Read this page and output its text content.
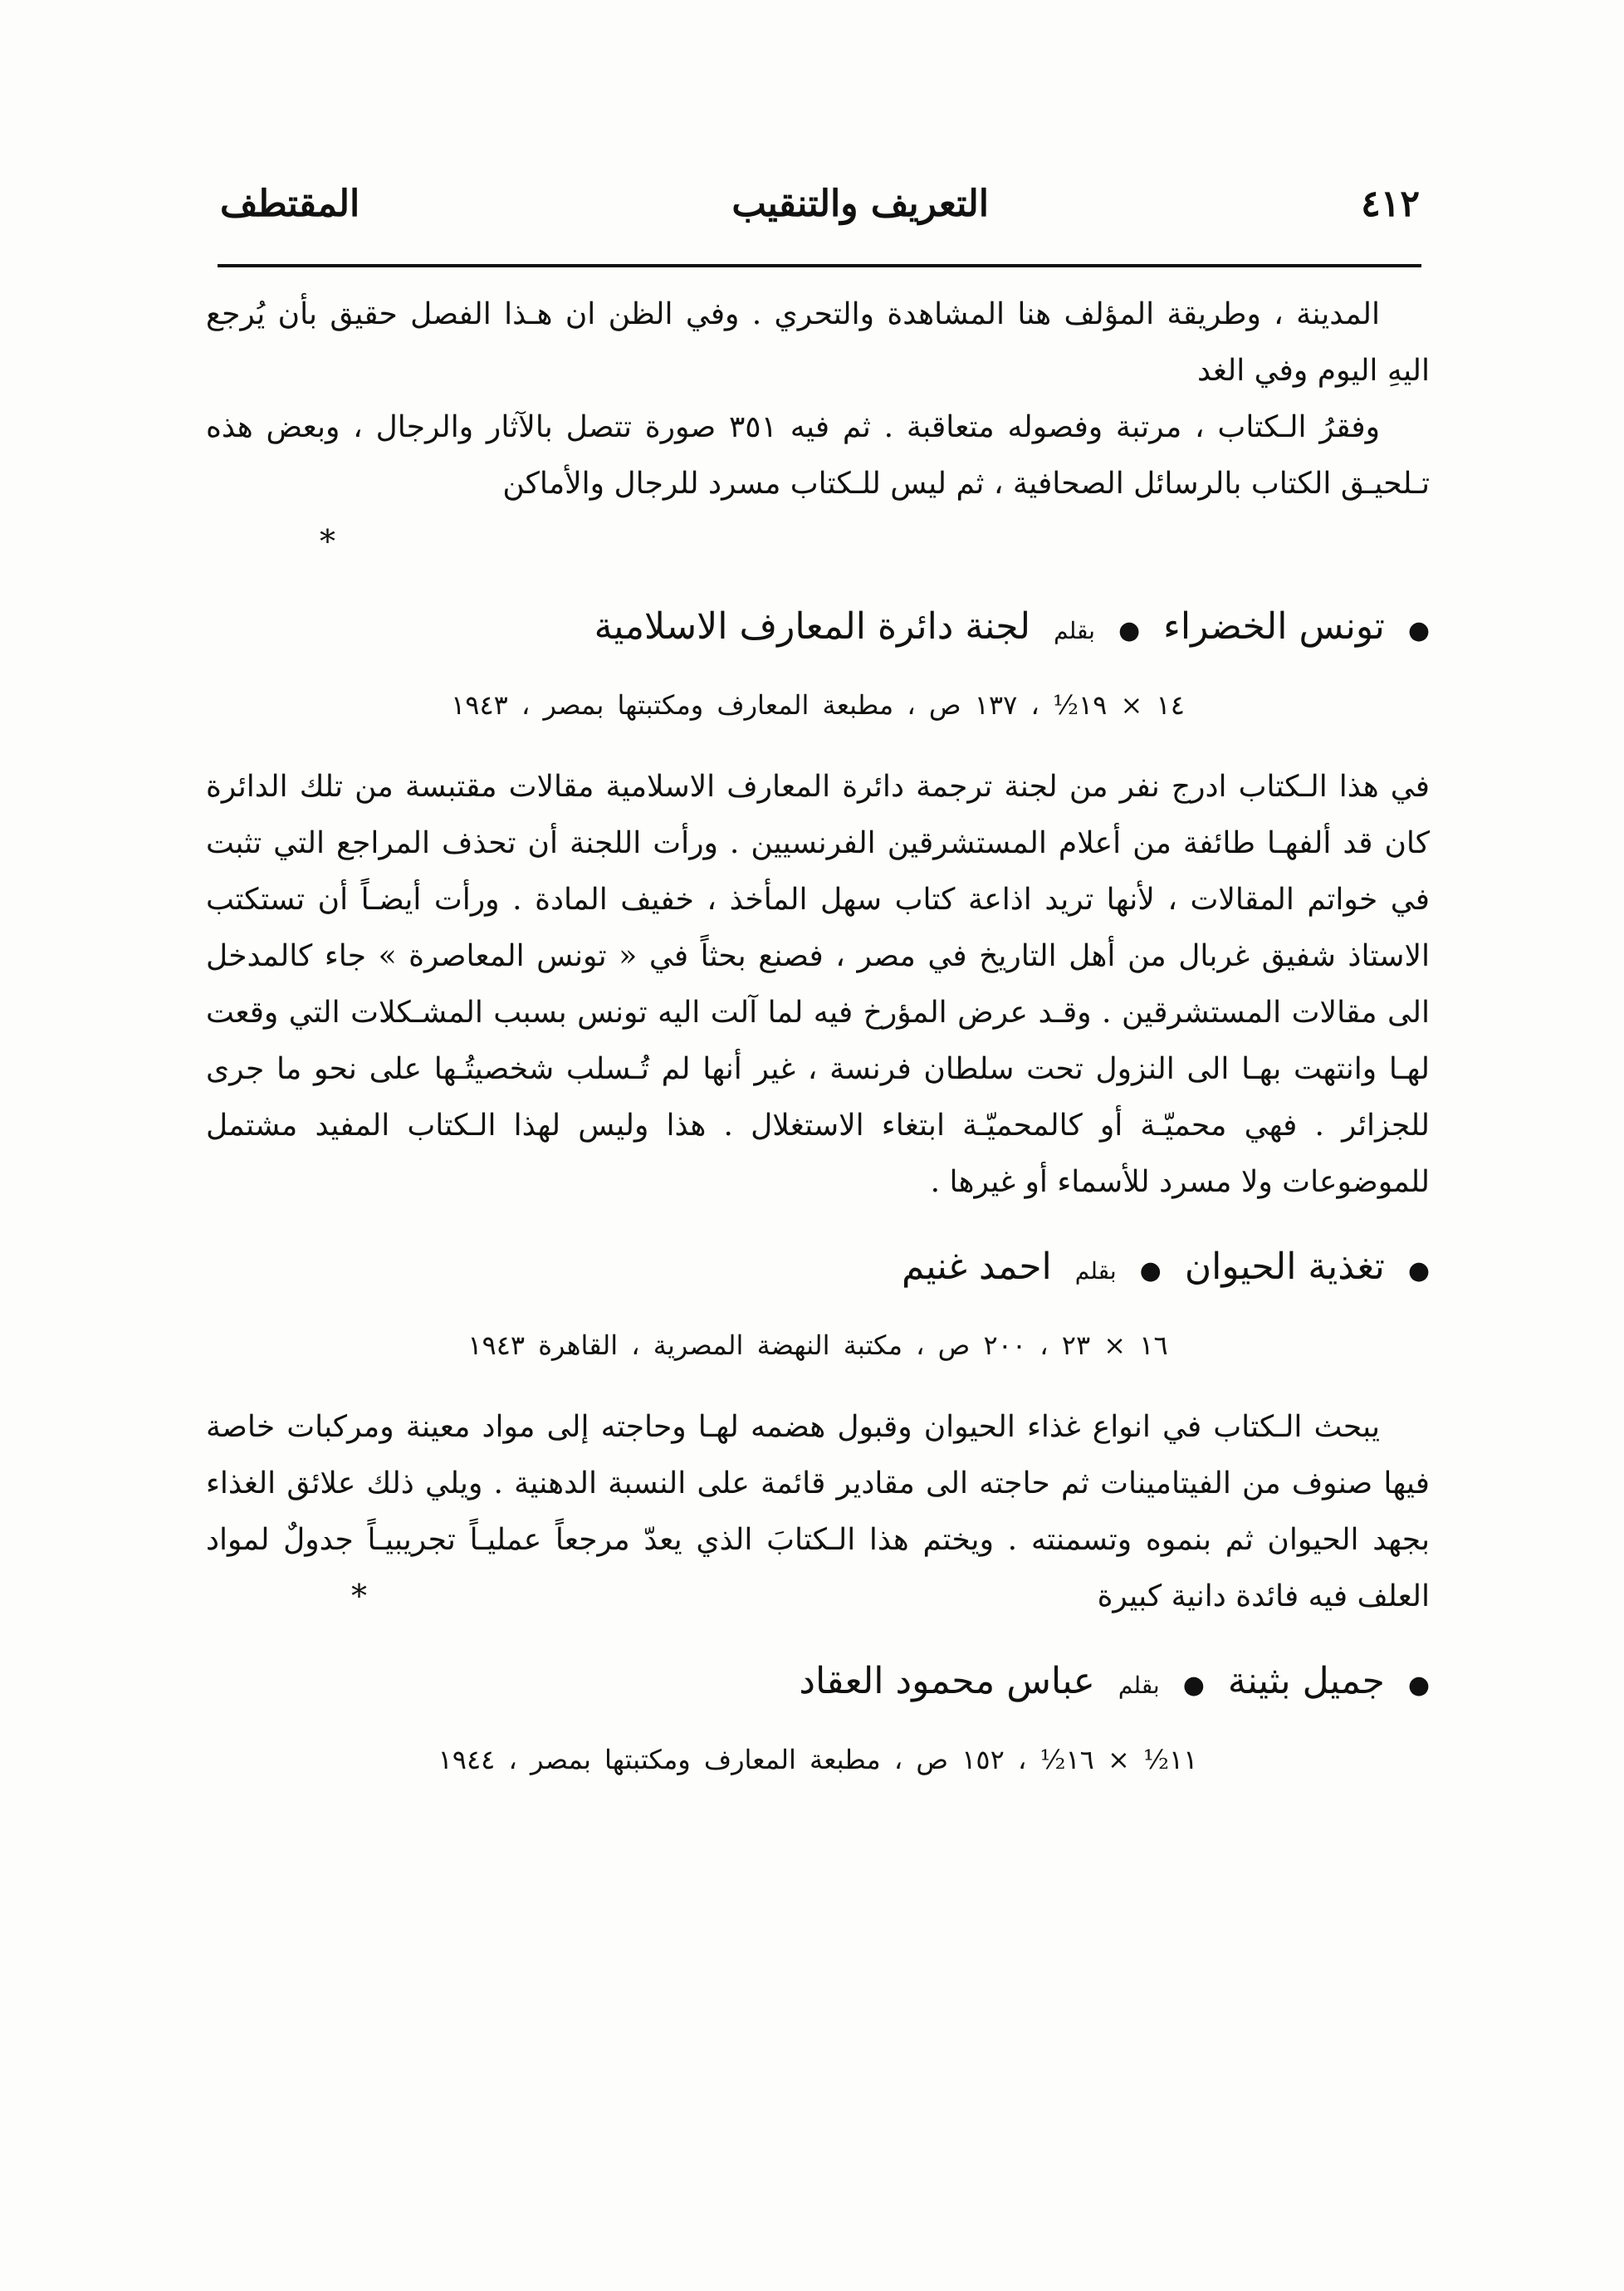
٤١٢
التعريف والتنقيب
المقتطف

المدينة ، وطريقة المؤلف هنا المشاهدة والتحري . وفي الظن ان هـذا الفصل حقيق بأن يُرجع اليهِ اليوم وفي الغد

وفقرُ الـكتاب ، مرتبة وفصوله متعاقبة . ثم فيه ٣٥١ صورة تتصل بالآثار والرجال ، وبعض هذه تـلحيـق الكتاب بالرسائل الصحافية ، ثم ليس للـكتاب مسرد للرجال والأماكن

*
●
تونس الخضراء
●
بقلم
لجنة دائرة المعارف الاسلامية
١٤ × ١٩½ ، ١٣٧ ص ، مطبعة المعارف ومكتبتها بمصر ، ١٩٤٣

في هذا الـكتاب ادرج نفر من لجنة ترجمة دائرة المعارف الاسلامية مقالات مقتبسة من تلك الدائرة كان قد ألفهـا طائفة من أعلام المستشرقين الفرنسيين . ورأت اللجنة أن تحذف المراجع التي تثبت في خواتم المقالات ، لأنها تريد اذاعة كتاب سهل المأخذ ، خفيف المادة . ورأت أيضـاً أن تستكتب الاستاذ شفيق غربال من أهل التاريخ في مصر ، فصنع بحثاً في « تونس المعاصرة » جاء كالمدخل الى مقالات المستشرقين . وقـد عرض المؤرخ فيه لما آلت اليه تونس بسبب المشـكلات التي وقعت لهـا وانتهت بهـا الى النزول تحت سلطان فرنسة ، غير أنها لم تُـسلب شخصيتُـها على نحو ما جرى للجزائر . فهي محميّـة أو كالمحميّـة ابتغاء الاستغلال . هذا وليس لهذا الـكتاب المفيد مشتمل للموضوعات ولا مسرد للأسماء أو غيرها .

●
تغذية الحيوان
●
بقلم
احمد غنيم
١٦ × ٢٣ ، ٢٠٠ ص ، مكتبة النهضة المصرية ، القاهرة ١٩٤٣

يبحث الـكتاب في انواع غذاء الحيوان وقبول هضمه لهـا وحاجته إلى مواد معينة ومركبات خاصة فيها صنوف من الفيتامينات ثم حاجته الى مقادير قائمة على النسبة الدهنية . ويلي ذلك علائق الغذاء بجهد الحيوان ثم بنموه وتسمنته . ويختم هذا الـكتابَ الذي يعدّ مرجعاً عمليـاً تجريبيـاً جدولٌ لمواد العلف فيه فائدة دانية كبيرة

*
●
جميل بثينة
●
بقلم
عباس محمود العقاد
١١½ × ١٦½ ، ١٥٢ ص ، مطبعة المعارف ومكتبتها بمصر ، ١٩٤٤
